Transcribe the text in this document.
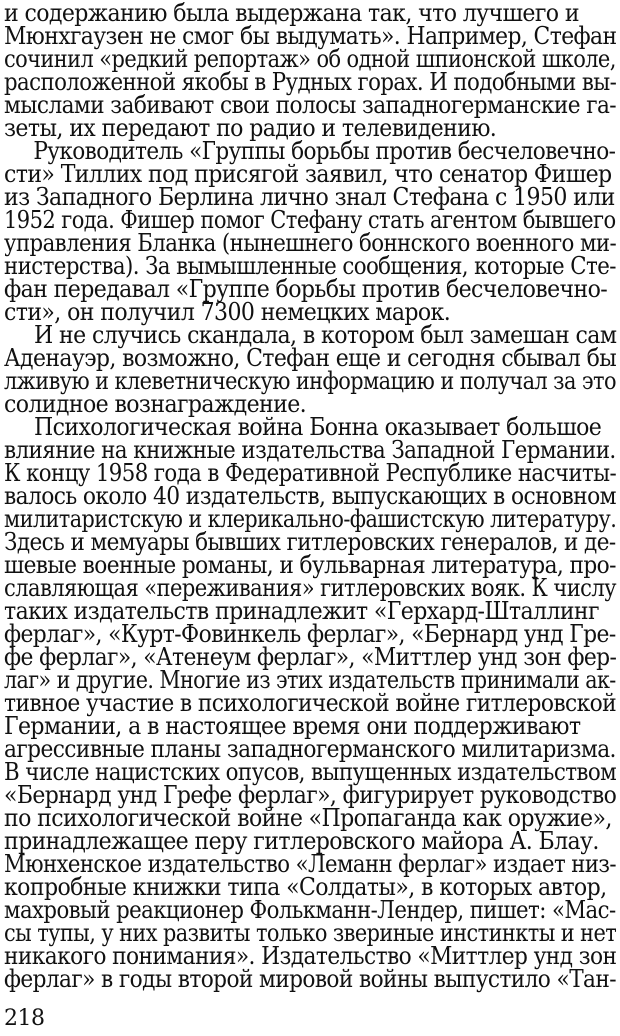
и содержанию была выдержана так, что лучшего и
Мюнхгаузен не смог бы выдумать». Например, Стефан
сочинил «редкий репортаж» об одной шпионской школе,
расположенной якобы в Рудных горах. И подобными вы-
мыслами забивают свои полосы западногерманские га-
зеты, их передают по радио и телевидению.
Руководитель «Группы борьбы против бесчеловечно-
сти» Тиллих под присягой заявил, что сенатор Фишер
из Западного Берлина лично знал Стефана с 1950 или
1952 года. Фишер помог Стефану стать агентом бывшего
управления Бланка (нынешнего боннского военного ми-
нистерства). За вымышленные сообщения, которые Сте-
фан передавал «Группе борьбы против бесчеловечно-
сти», он получил 7300 немецких марок.
И не случись скандала, в котором был замешан сам
Аденауэр, возможно, Стефан еще и сегодня сбывал бы
лживую и клеветническую информацию и получал за это
солидное вознаграждение.
Психологическая война Бонна оказывает большое
влияние на книжные издательства Западной Германии.
К концу 1958 года в Федеративной Республике насчиты-
валось около 40 издательств, выпускающих в основном
милитаристскую и клерикально-фашистскую литературу.
Здесь и мемуары бывших гитлеровских генералов, и де-
шевые военные романы, и бульварная литература, про-
славляющая «переживания» гитлеровских вояк. К числу
таких издательств принадлежит «Герхард-Шталлинг
ферлаг», «Курт-Фовинкель ферлаг», «Бернард унд Гре-
фе ферлаг», «Атенеум ферлаг», «Миттлер унд зон фер-
лаг» и другие. Многие из этих издательств принимали ак-
тивное участие в психологической войне гитлеровской
Германии, а в настоящее время они поддерживают
агрессивные планы западногерманского милитаризма.
В числе нацистских опусов, выпущенных издательством
«Бернард унд Грефе ферлаг», фигурирует руководство
по психологической войне «Пропаганда как оружие»,
принадлежащее перу гитлеровского майора А. Блау.
Мюнхенское издательство «Леманн ферлаг» издает низ-
копробные книжки типа «Солдаты», в которых автор,
махровый реакционер Фолькманн-Лендер, пишет: «Мас-
сы тупы, у них развиты только звериные инстинкты и нет
никакого понимания». Издательство «Миттлер унд зон
ферлаг» в годы второй мировой войны выпустило «Тан-
218
